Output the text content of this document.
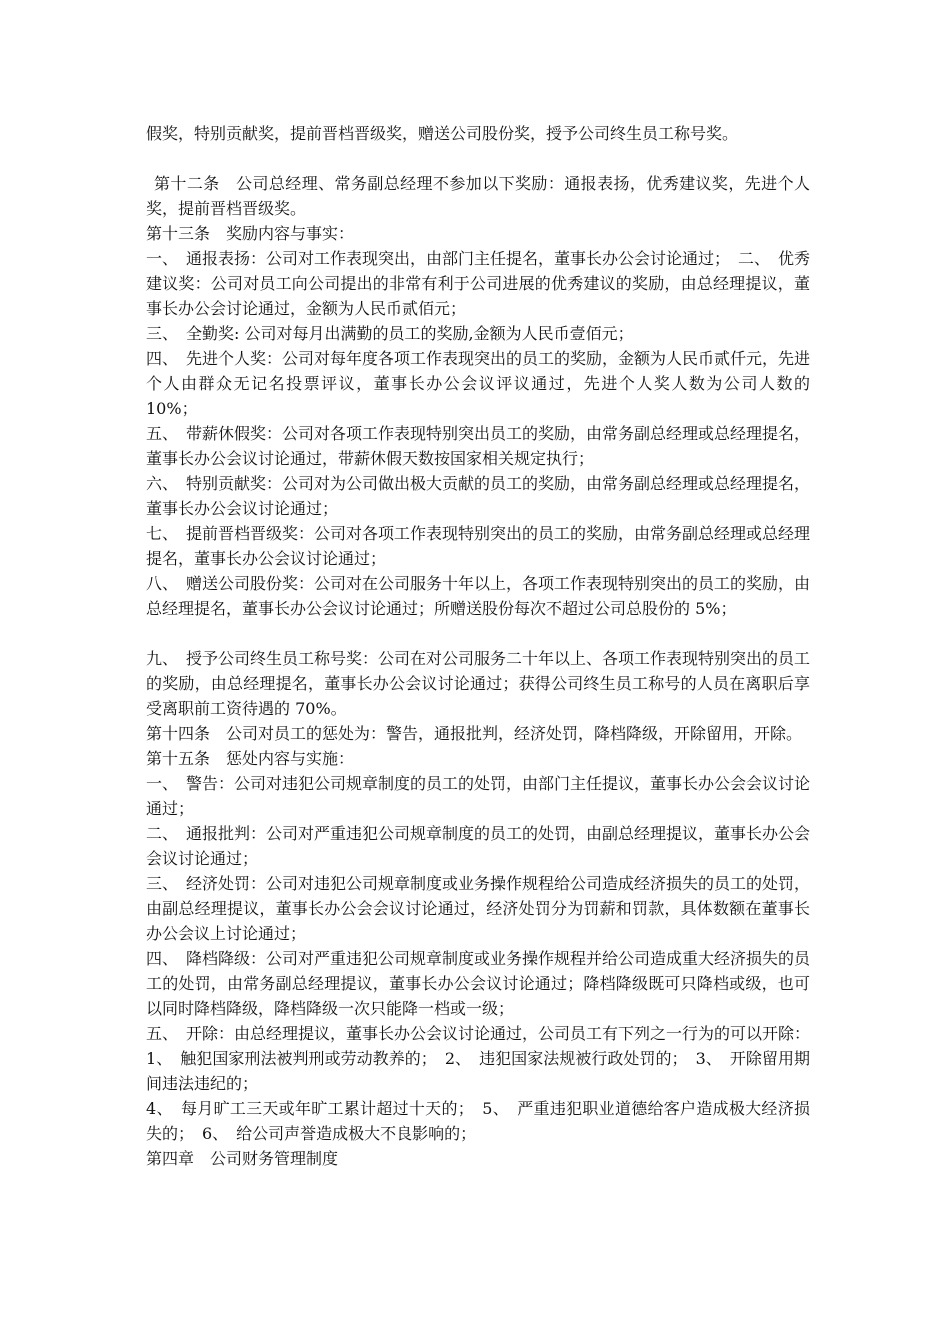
假奖，特别贡献奖，提前晋档晋级奖，赠送公司股份奖，授予公司终生员工称号奖。

第十二条　公司总经理、常务副总经理不参加以下奖励：通报表扬，优秀建议奖，先进个人奖，提前晋档晋级奖。

第十三条　奖励内容与事实：

一、　通报表扬：公司对工作表现突出，由部门主任提名，董事长办公会讨论通过；　二、　优秀建议奖：公司对员工向公司提出的非常有利于公司进展的优秀建议的奖励，由总经理提议，董事长办公会讨论通过，金额为人民币贰佰元；

三、　全勤奖: 公司对每月出满勤的员工的奖励,金额为人民币壹佰元；

四、　先进个人奖：公司对每年度各项工作表现突出的员工的奖励，金额为人民币贰仟元，先进个人由群众无记名投票评议，董事长办公会议评议通过，先进个人奖人数为公司人数的 10%；

五、　带薪休假奖：公司对各项工作表现特别突出员工的奖励，由常务副总经理或总经理提名，董事长办公会议讨论通过，带薪休假天数按国家相关规定执行；

六、　特别贡献奖：公司对为公司做出极大贡献的员工的奖励，由常务副总经理或总经理提名，董事长办公会议讨论通过；

七、　提前晋档晋级奖：公司对各项工作表现特别突出的员工的奖励，由常务副总经理或总经理提名，董事长办公会议讨论通过；

八、　赠送公司股份奖：公司对在公司服务十年以上，各项工作表现特别突出的员工的奖励，由总经理提名，董事长办公会议讨论通过；所赠送股份每次不超过公司总股份的 5%；

九、　授予公司终生员工称号奖：公司在对公司服务二十年以上、各项工作表现特别突出的员工的奖励，由总经理提名，董事长办公会议讨论通过；获得公司终生员工称号的人员在离职后享受离职前工资待遇的 70%。

第十四条　公司对员工的惩处为：警告，通报批判，经济处罚，降档降级，开除留用，开除。

第十五条　惩处内容与实施：

一、　警告：公司对违犯公司规章制度的员工的处罚，由部门主任提议，董事长办公会会议讨论通过；

二、　通报批判：公司对严重违犯公司规章制度的员工的处罚，由副总经理提议，董事长办公会会议讨论通过；

三、　经济处罚：公司对违犯公司规章制度或业务操作规程给公司造成经济损失的员工的处罚，由副总经理提议，董事长办公会会议讨论通过，经济处罚分为罚薪和罚款，具体数额在董事长办公会议上讨论通过；

四、　降档降级：公司对严重违犯公司规章制度或业务操作规程并给公司造成重大经济损失的员工的处罚，由常务副总经理提议，董事长办公会议讨论通过；降档降级既可只降档或级，也可以同时降档降级，降档降级一次只能降一档或一级；

五、　开除：由总经理提议，董事长办公会议讨论通过，公司员工有下列之一行为的可以开除：

1、　触犯国家刑法被判刑或劳动教养的；　2、　违犯国家法规被行政处罚的；　3、　开除留用期间违法违纪的；

4、　每月旷工三天或年旷工累计超过十天的；　5、　严重违犯职业道德给客户造成极大经济损失的；　6、　给公司声誉造成极大不良影响的；

第四章　公司财务管理制度
